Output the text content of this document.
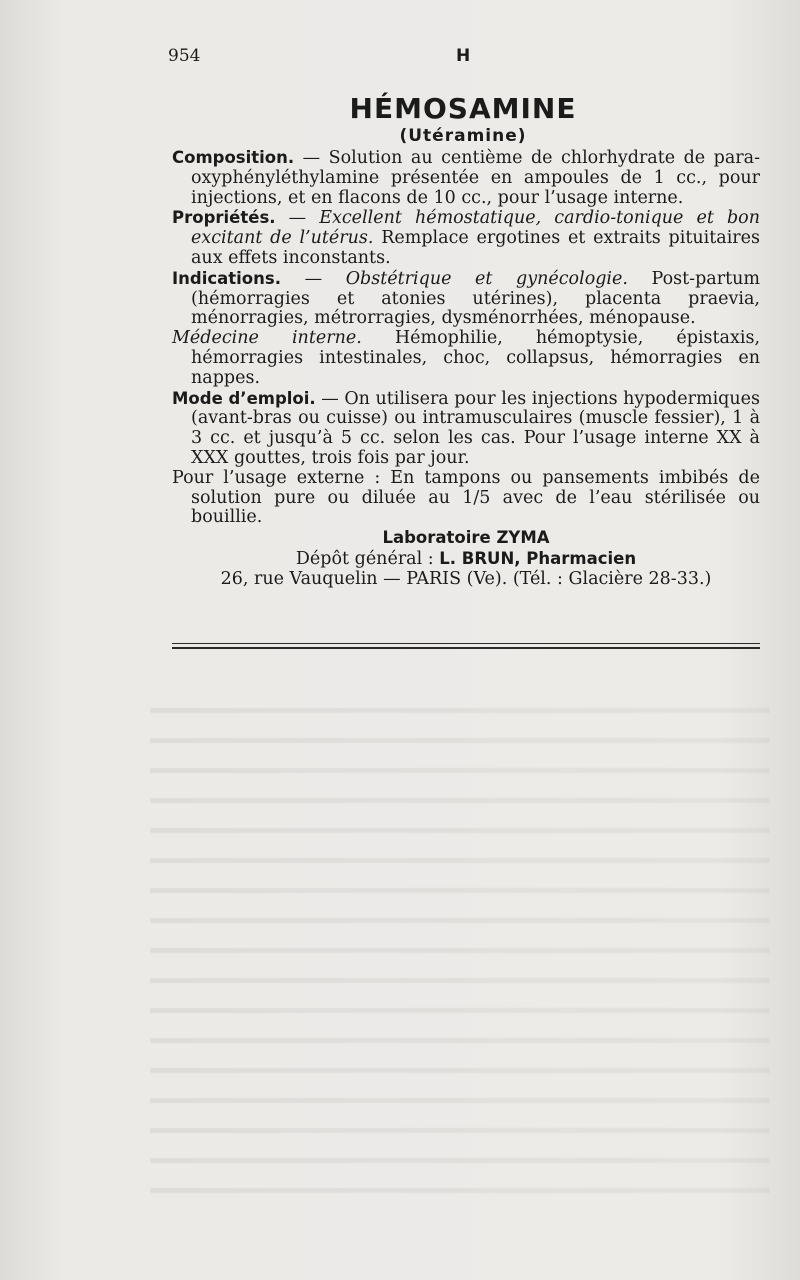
954	H
HÉMOSAMINE
(Utéramine)

Composition. — Solution au centième de chlorhydrate de para-oxyphényléthylamine présentée en ampoules de 1 cc., pour injections, et en flacons de 10 cc., pour l’usage interne.

Propriétés. — Excellent hémostatique, cardio-tonique et bon excitant de l’utérus. Remplace ergotines et extraits pituitaires aux effets inconstants.

Indications. — Obstétrique et gynécologie. Post-partum (hémorragies et atonies utérines), placenta praevia, ménorragies, métrorragies, dysménorrhées, ménopause.

Médecine interne. Hémophilie, hémoptysie, épistaxis, hémorragies intestinales, choc, collapsus, hémorragies en nappes.

Mode d’emploi. — On utilisera pour les injections hypodermiques (avant-bras ou cuisse) ou intramusculaires (muscle fessier), 1 à 3 cc. et jusqu’à 5 cc. selon les cas. Pour l’usage interne XX à XXX gouttes, trois fois par jour.

Pour l’usage externe : En tampons ou pansements imbibés de solution pure ou diluée au 1/5 avec de l’eau stérilisée ou bouillie.

Laboratoire ZYMA

Dépôt général : L. BRUN, Pharmacien

26, rue Vauquelin — PARIS (Ve). (Tél. : Glacière 28-33.)
